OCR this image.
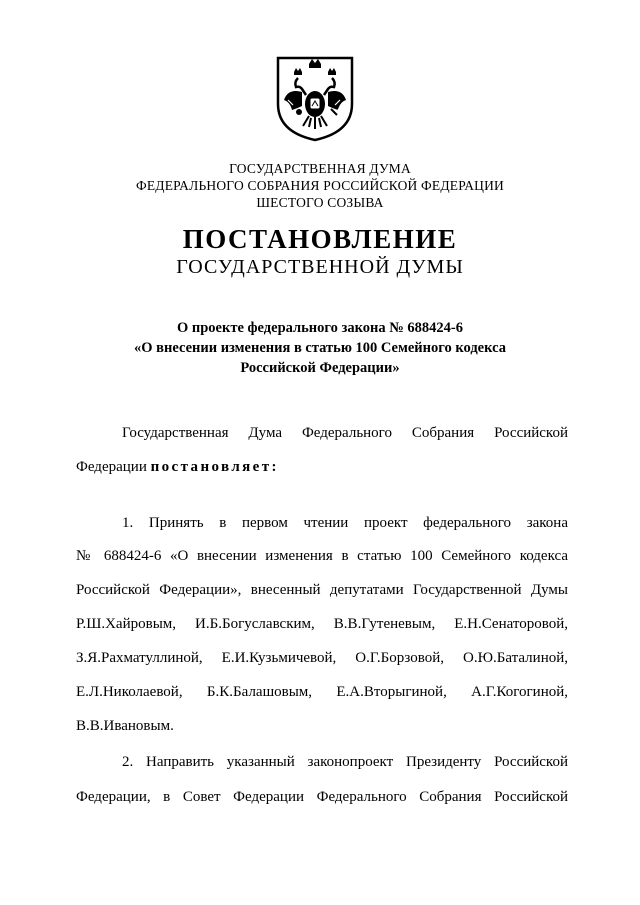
ГОСУДАРСТВЕННАЯ ДУМА
ФЕДЕРАЛЬНОГО СОБРАНИЯ РОССИЙСКОЙ ФЕДЕРАЦИИ
ШЕСТОГО СОЗЫВА
ПОСТАНОВЛЕНИЕ
ГОСУДАРСТВЕННОЙ ДУМЫ
О проекте федерального закона № 688424-6
«О внесении изменения в статью 100 Семейного кодекса
Российской Федерации»
Государственная Дума Федерального Собрания Российской
Федерации постановляет:
1. Принять в первом чтении проект федерального закона
№ 688424-6 «О внесении изменения в статью 100 Семейного кодекса
Российской Федерации», внесенный депутатами Государственной Думы
Р.Ш.Хайровым, И.Б.Богуславским, В.В.Гутеневым, Е.Н.Сенаторовой,
З.Я.Рахматуллиной, Е.И.Кузьмичевой, О.Г.Борзовой, О.Ю.Баталиной,
Е.Л.Николаевой, Б.К.Балашовым, Е.А.Вторыгиной, А.Г.Когогиной,
В.В.Ивановым.
2. Направить указанный законопроект Президенту Российской
Федерации, в Совет Федерации Федерального Собрания Российской
